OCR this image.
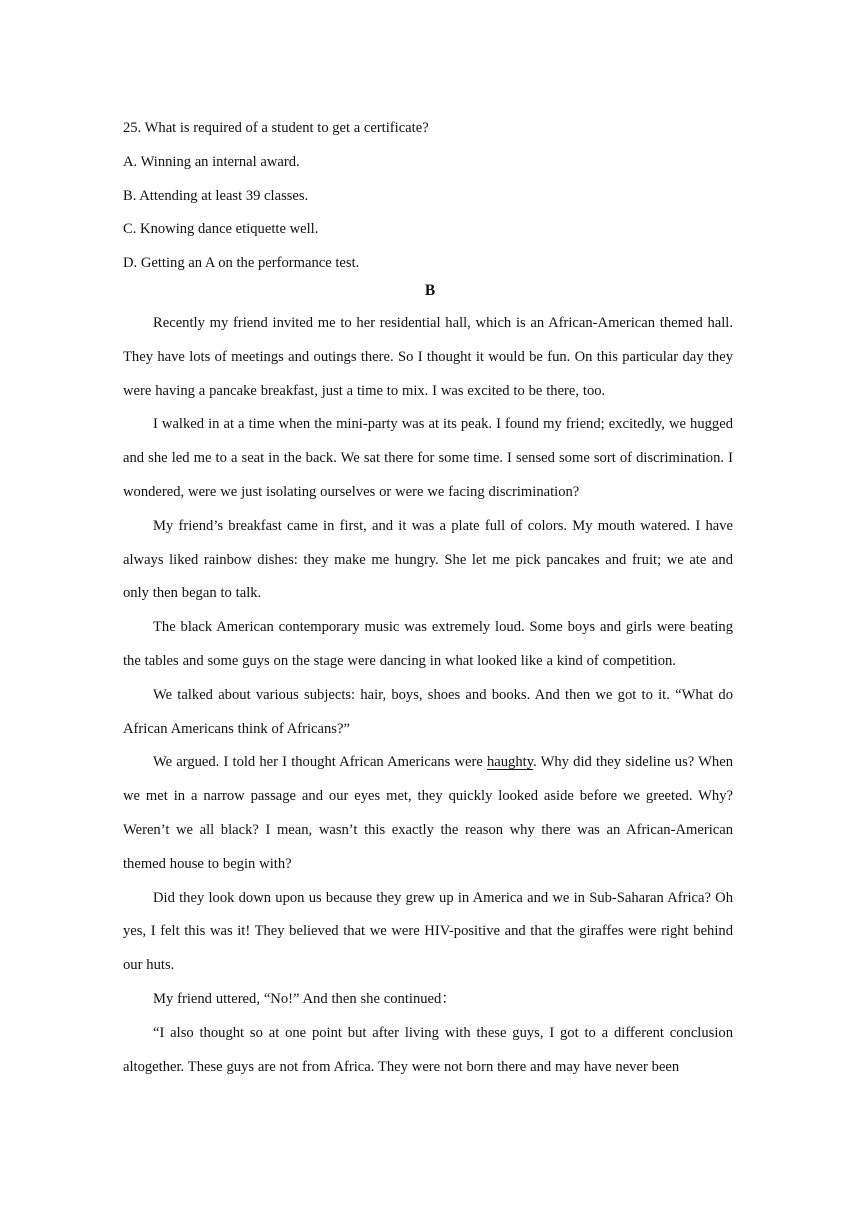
25. What is required of a student to get a certificate?

A. Winning an internal award.

B. Attending at least 39 classes.

C. Knowing dance etiquette well.

D. Getting an A on the performance test.

B

Recently my friend invited me to her residential hall, which is an African-American themed hall. They have lots of meetings and outings there. So I thought it would be fun. On this particular day they were having a pancake breakfast, just a time to mix. I was excited to be there, too.

I walked in at a time when the mini-party was at its peak. I found my friend; excitedly, we hugged and she led me to a seat in the back. We sat there for some time. I sensed some sort of discrimination. I wondered, were we just isolating ourselves or were we facing discrimination?

My friend’s breakfast came in first, and it was a plate full of colors. My mouth watered. I have always liked rainbow dishes: they make me hungry. She let me pick pancakes and fruit; we ate and only then began to talk.

The black American contemporary music was extremely loud. Some boys and girls were beating the tables and some guys on the stage were dancing in what looked like a kind of competition.

We talked about various subjects: hair, boys, shoes and books. And then we got to it. “What do African Americans think of Africans?”

We argued. I told her I thought African Americans were haughty. Why did they sideline us? When we met in a narrow passage and our eyes met, they quickly looked aside before we greeted. Why? Weren’t we all black? I mean, wasn’t this exactly the reason why there was an African-American themed house to begin with?

Did they look down upon us because they grew up in America and we in Sub-Saharan Africa? Oh yes, I felt this was it! They believed that we were HIV-positive and that the giraffes were right behind our huts.

My friend uttered, “No!” And then she continued：

“I also thought so at one point but after living with these guys, I got to a different conclusion altogether. These guys are not from Africa. They were not born there and may have never been
